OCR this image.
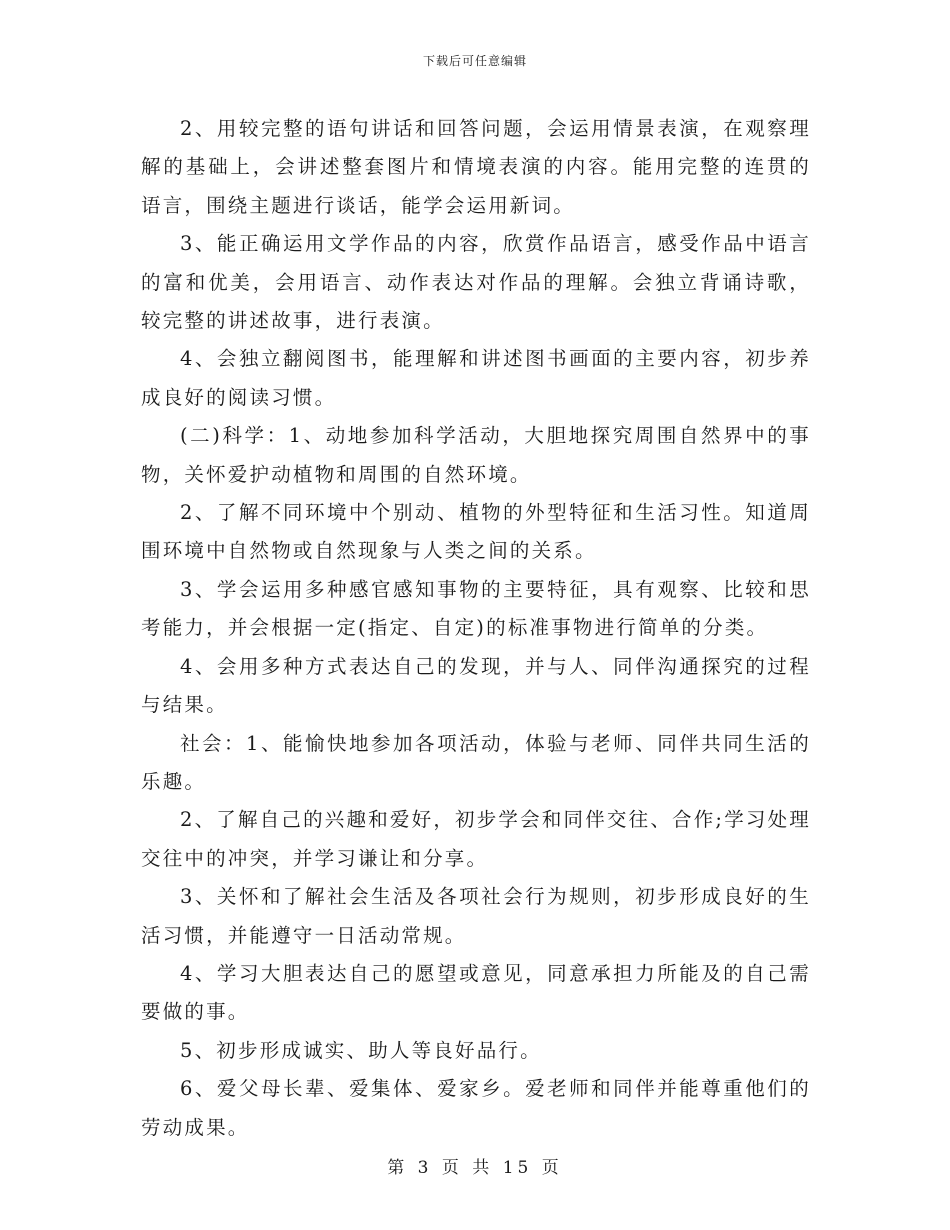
下载后可任意编辑

2、用较完整的语句讲话和回答问题，会运用情景表演，在观察理解的基础上，会讲述整套图片和情境表演的内容。能用完整的连贯的语言，围绕主题进行谈话，能学会运用新词。

3、能正确运用文学作品的内容，欣赏作品语言，感受作品中语言的富和优美，会用语言、动作表达对作品的理解。会独立背诵诗歌，较完整的讲述故事，进行表演。

4、会独立翻阅图书，能理解和讲述图书画面的主要内容，初步养成良好的阅读习惯。

(二)科学：1、动地参加科学活动，大胆地探究周围自然界中的事物，关怀爱护动植物和周围的自然环境。

2、了解不同环境中个别动、植物的外型特征和生活习性。知道周围环境中自然物或自然现象与人类之间的关系。

3、学会运用多种感官感知事物的主要特征，具有观察、比较和思考能力，并会根据一定(指定、自定)的标准事物进行简单的分类。

4、会用多种方式表达自己的发现，并与人、同伴沟通探究的过程与结果。

社会：1、能愉快地参加各项活动，体验与老师、同伴共同生活的乐趣。

2、了解自己的兴趣和爱好，初步学会和同伴交往、合作;学习处理交往中的冲突，并学习谦让和分享。

3、关怀和了解社会生活及各项社会行为规则，初步形成良好的生活习惯，并能遵守一日活动常规。

4、学习大胆表达自己的愿望或意见，同意承担力所能及的自己需要做的事。

5、初步形成诚实、助人等良好品行。

6、爱父母长辈、爱集体、爱家乡。爱老师和同伴并能尊重他们的劳动成果。

第 3 页 共 15 页
